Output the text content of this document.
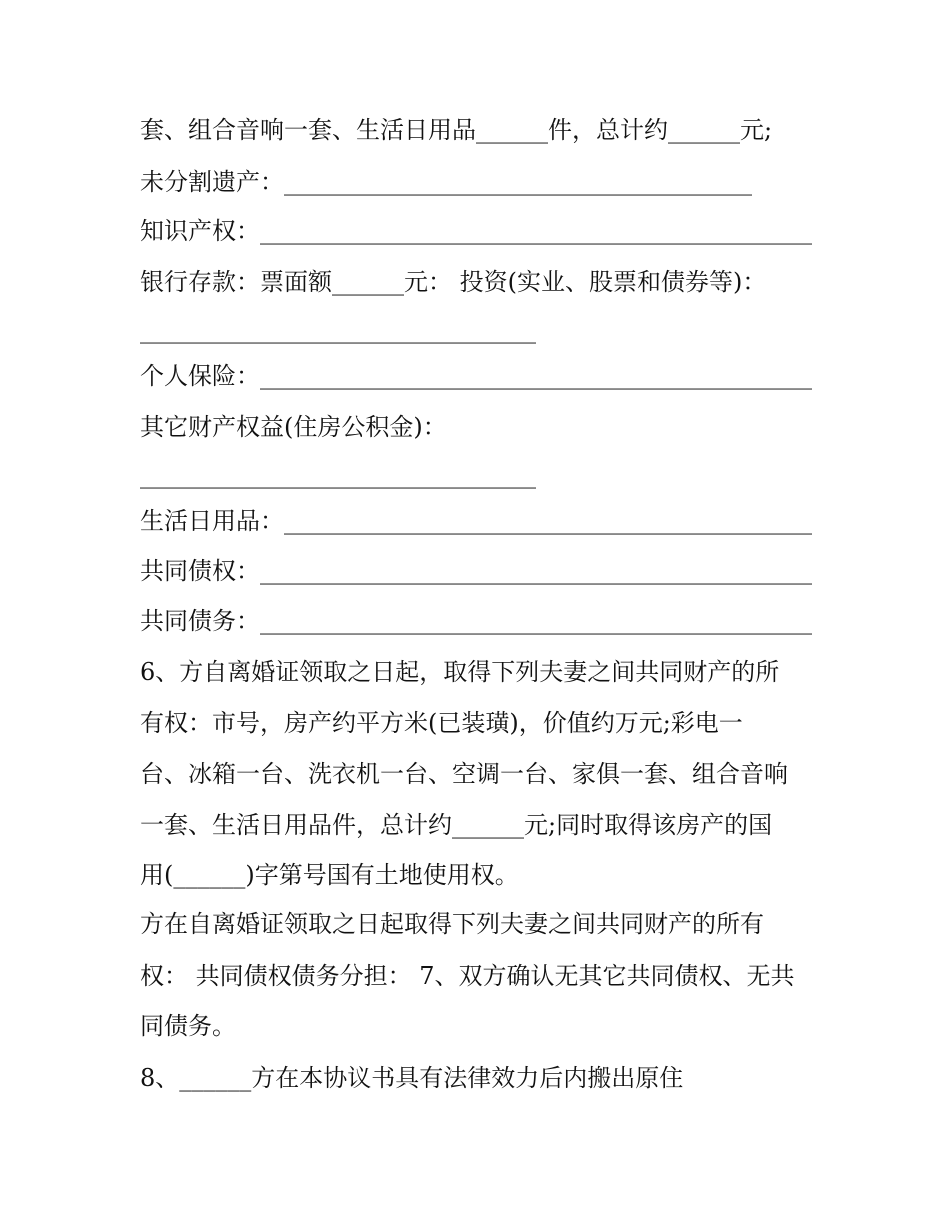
套、组合音响一套、生活日用品______件，总计约______元;
未分割遗产：_______________________________________
知识产权：______________________________________________
银行存款：票面额______元： 投资(实业、股票和债券等)：
_________________________________
个人保险：______________________________________________
其它财产权益(住房公积金)：
_________________________________
生活日用品：____________________________________________
共同债权：______________________________________________
共同债务：______________________________________________
6、方自离婚证领取之日起，取得下列夫妻之间共同财产的所
有权：市号，房产约平方米(已装璜)，价值约万元;彩电一
台、冰箱一台、洗衣机一台、空调一台、家俱一套、组合音响
一套、生活日用品件，总计约______元;同时取得该房产的国
用(______)字第号国有土地使用权。
方在自离婚证领取之日起取得下列夫妻之间共同财产的所有
权： 共同债权债务分担： 7、双方确认无其它共同债权、无共
同债务。
8、______方在本协议书具有法律效力后内搬出原住
